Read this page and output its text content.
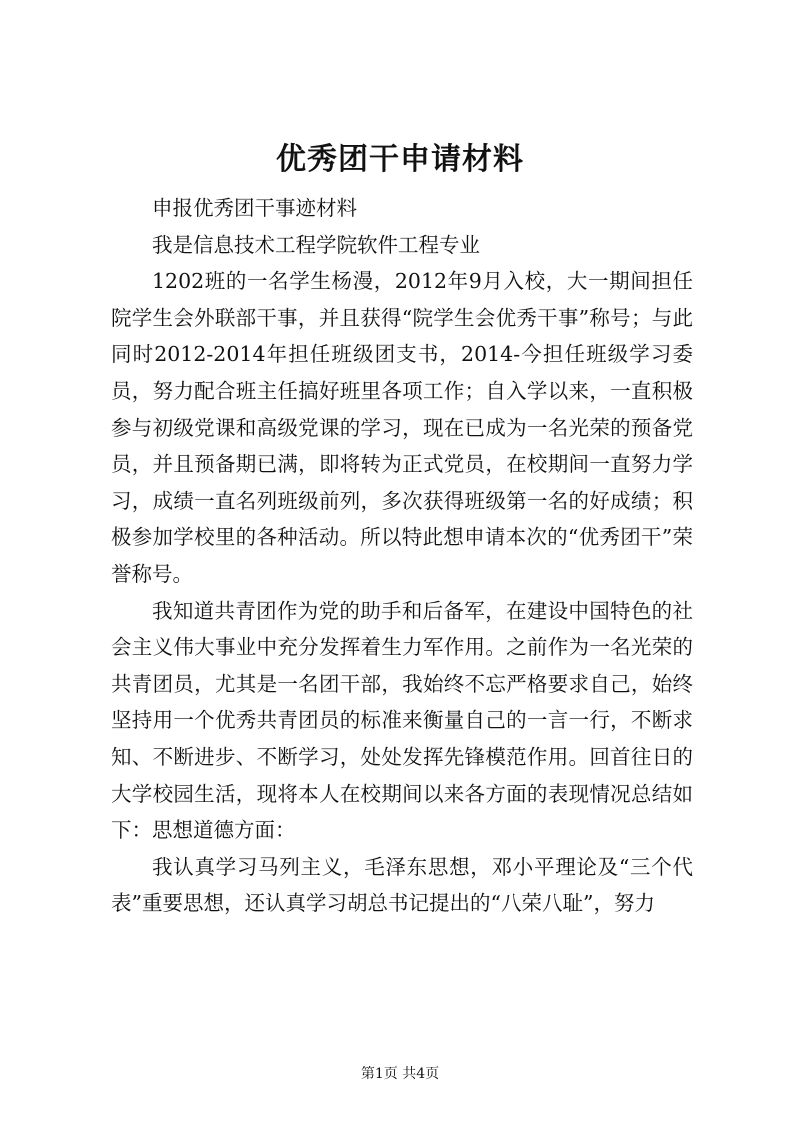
优秀团干申请材料

申报优秀团干事迹材料

我是信息技术工程学院软件工程专业

1202班的一名学生杨漫，2012年9月入校，大一期间担任院学生会外联部干事，并且获得“院学生会优秀干事”称号；与此同时2012-2014年担任班级团支书，2014-今担任班级学习委员，努力配合班主任搞好班里各项工作；自入学以来，一直积极参与初级党课和高级党课的学习，现在已成为一名光荣的预备党员，并且预备期已满，即将转为正式党员，在校期间一直努力学习，成绩一直名列班级前列，多次获得班级第一名的好成绩；积极参加学校里的各种活动。所以特此想申请本次的“优秀团干”荣誉称号。

我知道共青团作为党的助手和后备军，在建设中国特色的社会主义伟大事业中充分发挥着生力军作用。之前作为一名光荣的共青团员，尤其是一名团干部，我始终不忘严格要求自己，始终坚持用一个优秀共青团员的标准来衡量自己的一言一行，不断求知、不断进步、不断学习，处处发挥先锋模范作用。回首往日的大学校园生活，现将本人在校期间以来各方面的表现情况总结如下：思想道德方面：

我认真学习马列主义，毛泽东思想，邓小平理论及“三个代表”重要思想，还认真学习胡总书记提出的“八荣八耻”，努力

第1页 共4页
